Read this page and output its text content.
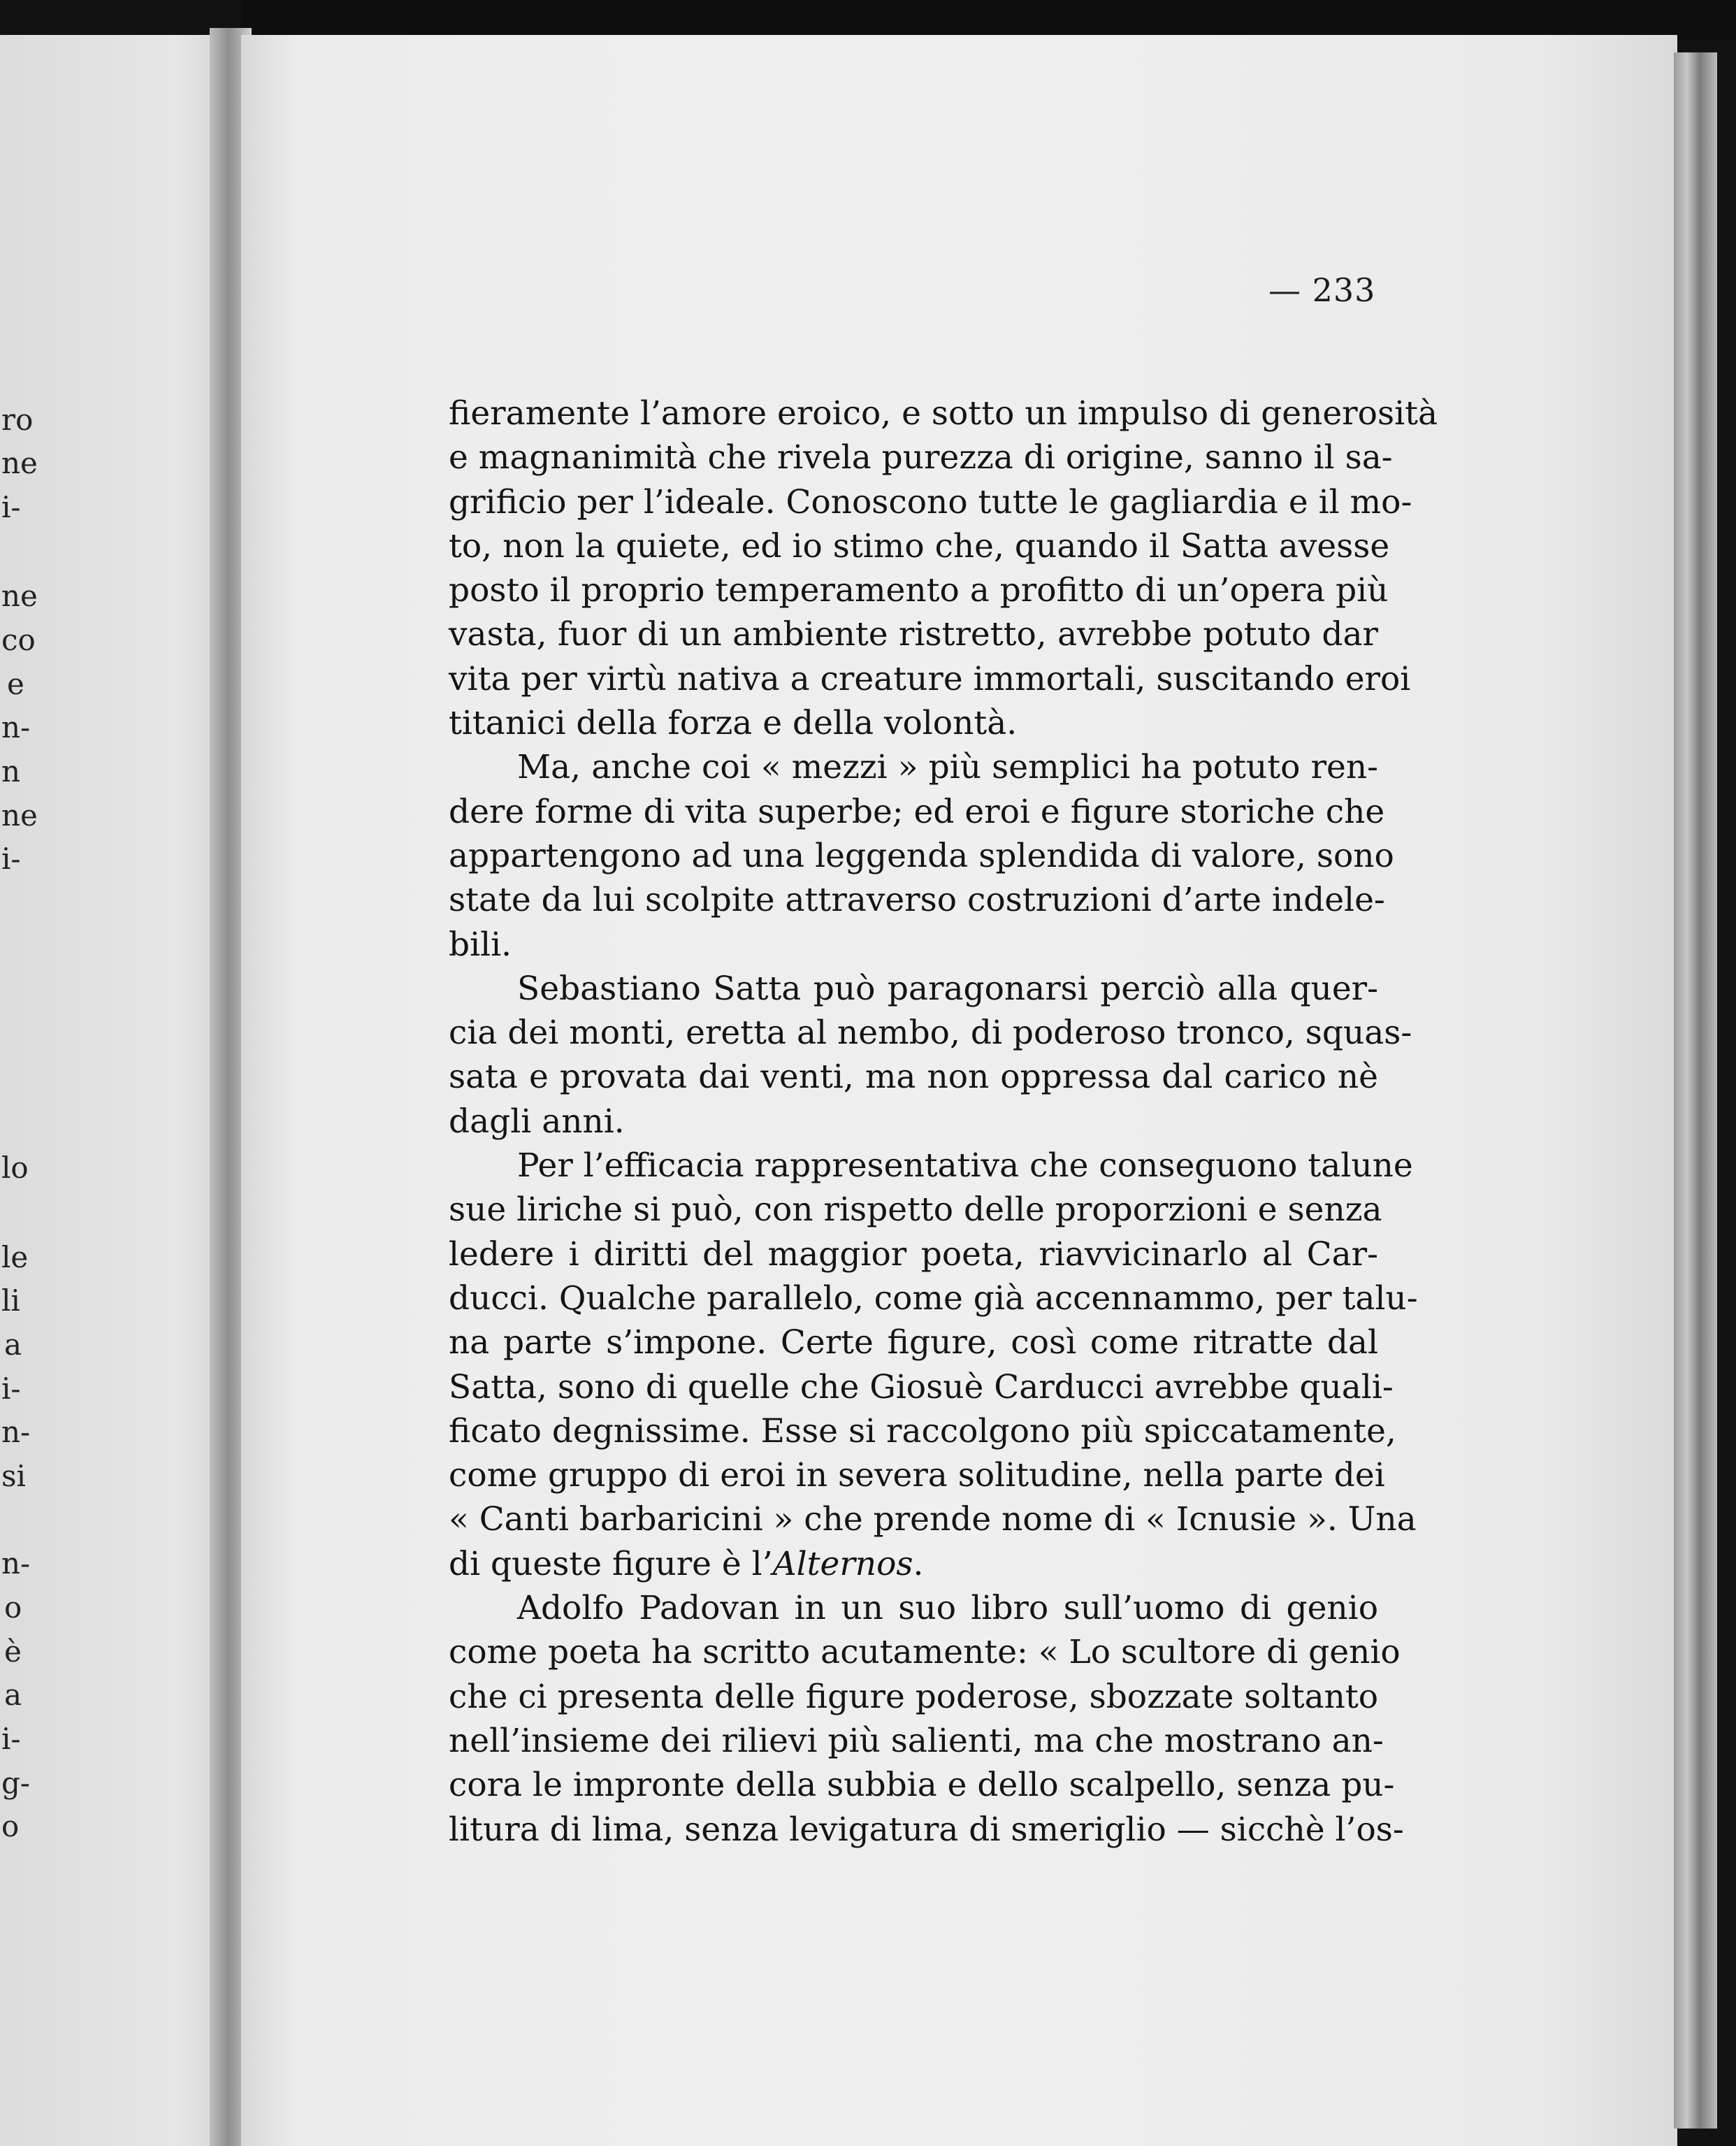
ro
ne
i-
ne
co
e
n-
n
ne
i-
lo
le
li
a
i-
n-
si
n-
o
è
a
i-
g-
o
— 233
fieramente l’amore eroico, e sotto un impulso di generosità
e magnanimità che rivela purezza di origine, sanno il sa-
grificio per l’ideale. Conoscono tutte le gagliardia e il mo-
to, non la quiete, ed io stimo che, quando il Satta avesse
posto il proprio temperamento a profitto di un’opera più
vasta, fuor di un ambiente ristretto, avrebbe potuto dar
vita per virtù nativa a creature immortali, suscitando eroi
titanici della forza e della volontà.
Ma, anche coi « mezzi » più semplici ha potuto ren-
dere forme di vita superbe; ed eroi e figure storiche che
appartengono ad una leggenda splendida di valore, sono
state da lui scolpite attraverso costruzioni d’arte indele-
bili.
Sebastiano Satta può paragonarsi perciò alla quer-
cia dei monti, eretta al nembo, di poderoso tronco, squas-
sata e provata dai venti, ma non oppressa dal carico nè
dagli anni.
Per l’efficacia rappresentativa che conseguono talune
sue liriche si può, con rispetto delle proporzioni e senza
ledere i diritti del maggior poeta, riavvicinarlo al Car-
ducci. Qualche parallelo, come già accennammo, per talu-
na parte s’impone. Certe figure, così come ritratte dal
Satta, sono di quelle che Giosuè Carducci avrebbe quali-
ficato degnissime. Esse si raccolgono più spiccatamente,
come gruppo di eroi in severa solitudine, nella parte dei
« Canti barbaricini » che prende nome di « Icnusie ». Una
di queste figure è l’Alternos.
Adolfo Padovan in un suo libro sull’uomo di genio
come poeta ha scritto acutamente: « Lo scultore di genio
che ci presenta delle figure poderose, sbozzate soltanto
nell’insieme dei rilievi più salienti, ma che mostrano an-
cora le impronte della subbia e dello scalpello, senza pu-
litura di lima, senza levigatura di smeriglio — sicchè l’os-
